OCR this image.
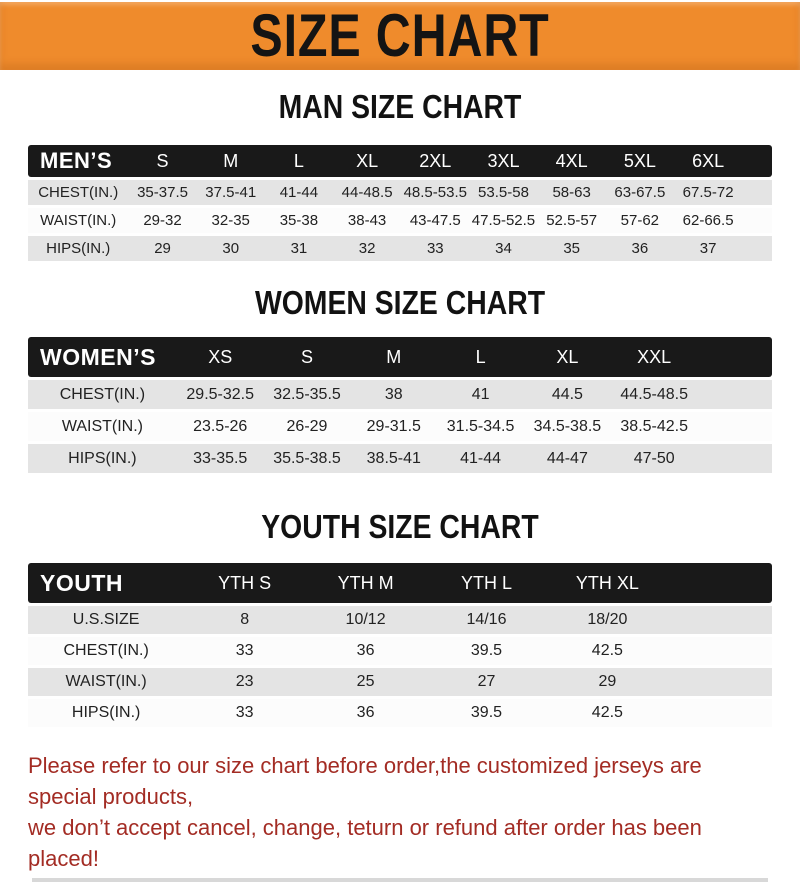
SIZE CHART
MAN SIZE CHART
MEN’S	S	M	L	XL	2XL	3XL	4XL	5XL	6XL	
CHEST(IN.)	35-37.5	37.5-41	41-44	44-48.5	48.5-53.5	53.5-58	58-63	63-67.5	67.5-72	
WAIST(IN.)	29-32	32-35	35-38	38-43	43-47.5	47.5-52.5	52.5-57	57-62	62-66.5	
HIPS(IN.)	29	30	31	32	33	34	35	36	37	
WOMEN SIZE CHART
WOMEN’S	XS	S	M	L	XL	XXL	
CHEST(IN.)	29.5-32.5	32.5-35.5	38	41	44.5	44.5-48.5	
WAIST(IN.)	23.5-26	26-29	29-31.5	31.5-34.5	34.5-38.5	38.5-42.5	
HIPS(IN.)	33-35.5	35.5-38.5	38.5-41	41-44	44-47	47-50	
YOUTH SIZE CHART
YOUTH	YTH S	YTH M	YTH L	YTH XL	
U.S.SIZE	8	10/12	14/16	18/20	
CHEST(IN.)	33	36	39.5	42.5	
WAIST(IN.)	23	25	27	29	
HIPS(IN.)	33	36	39.5	42.5	
Please refer to our size chart before order,the customized jerseys are special products,
we don’t accept cancel, change, teturn or refund after order has been placed!
